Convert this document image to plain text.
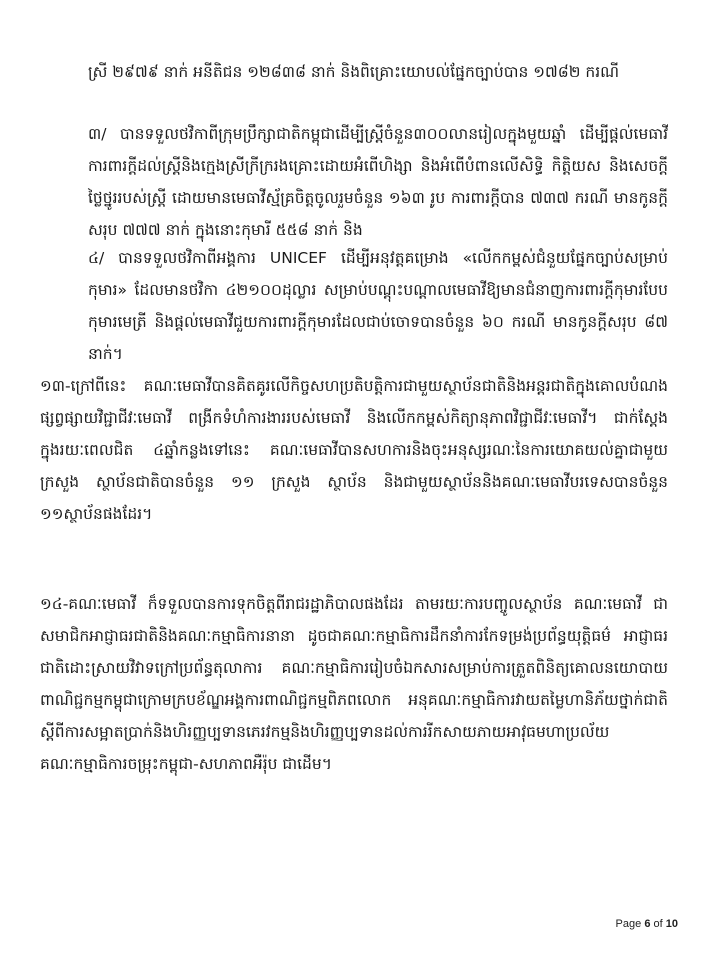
ស្រី ២៩៧៩ នាក់ អនីតិជន ១២៨៣៨ នាក់ និងពិគ្រោះយោបល់ផ្នែកច្បាប់បាន ១៧៨២ ករណី

៣/ បានទទួលថវិកាពីក្រុមប្រឹក្សាជាតិកម្ពុជាដើម្បីស្ត្រីចំនួន៣០០លានរៀលក្នុងមួយឆ្នាំ ដើម្បីផ្តល់មេធាវីការពារក្តីដល់ស្ត្រីនិងក្មេងស្រីក្រីក្ររងគ្រោះដោយអំពើហិង្សា និងអំពើបំពានលើសិទ្ធិ កិត្តិយស និងសេចក្តីថ្លៃថ្នូររបស់ស្ត្រី ដោយមានមេធាវីស្ម័គ្រចិត្តចូលរួមចំនួន ១៦៣ រូប ការពារក្តីបាន ៧៣៧ ករណី មានកូនក្តីសរុប ៧៧៧ នាក់ ក្នុងនោះកុមារី ៥៥៨ នាក់ និង

៤/ បានទទួលថវិកាពីអង្គការ UNICEF ដើម្បីអនុវត្តគម្រោង «លើកកម្ពស់ជំនួយផ្នែកច្បាប់សម្រាប់កុមារ» ដែលមានថវិកា ៤២១០០ដុល្លារ សម្រាប់បណ្តុះបណ្តាលមេធាវីឱ្យមានជំនាញការពារក្តីកុមារបែបកុមារមេត្រី និងផ្តល់មេធាវីជួយការពារក្តីកុមារដែលជាប់ចោទបានចំនួន ៦០ ករណី មានកូនក្តីសរុប ៨៧ នាក់។

១៣-ក្រៅពីនេះ គណៈមេធាវីបានគិតគូរលើកិច្ចសហប្រតិបត្តិការជាមួយស្ថាប័នជាតិនិងអន្តរជាតិក្នុងគោលបំណងផ្សព្វផ្សាយវិជ្ជាជីវៈមេធាវី ពង្រីកទំហំការងាររបស់មេធាវី និងលើកកម្ពស់កិត្យានុភាពវិជ្ជាជីវៈមេធាវី។ ជាក់ស្តែងក្នុងរយៈពេលជិត ៤ឆ្នាំកន្លងទៅនេះ គណៈមេធាវីបានសហការនិងចុះអនុស្សរណៈនៃការយោគយល់គ្នាជាមួយក្រសួង ស្ថាប័នជាតិបានចំនួន ១១ ក្រសួង ស្ថាប័ន និងជាមួយស្ថាប័ននិងគណៈមេធាវីបរទេសបានចំនួន ១១ស្ថាប័នផងដែរ។

១៤-គណៈមេធាវី ក៏ទទួលបានការទុកចិត្តពីរាជរដ្ឋាភិបាលផងដែរ តាមរយៈការបញ្ចូលស្ថាប័ន គណៈមេធាវី ជាសមាជិកអាជ្ញាធរជាតិនិងគណៈកម្មាធិការនានា ដូចជាគណៈកម្មាធិការដឹកនាំការកែទម្រង់ប្រព័ន្ធយុត្តិធម៌ អាជ្ញាធរជាតិដោះស្រាយវិវាទក្រៅប្រព័ន្ធតុលាការ គណៈកម្មាធិការរៀបចំឯកសារសម្រាប់ការត្រួតពិនិត្យគោលនយោបាយពាណិជ្ជកម្មកម្ពុជាក្រោមក្របខ័ណ្ឌអង្គការពាណិជ្ជកម្មពិភពលោក អនុគណៈកម្មាធិការវាយតម្លៃហានិភ័យថ្នាក់ជាតិស្តីពីការសម្អាតប្រាក់និងហិរញ្ញប្បទានភេរវកម្មនិងហិរញ្ញប្បទានដល់ការរីកសាយភាយអាវុធមហាប្រល័យ គណៈកម្មាធិការចម្រុះកម្ពុជា-សហភាពអឺរ៉ុប ជាដើម។

Page 6 of 10
